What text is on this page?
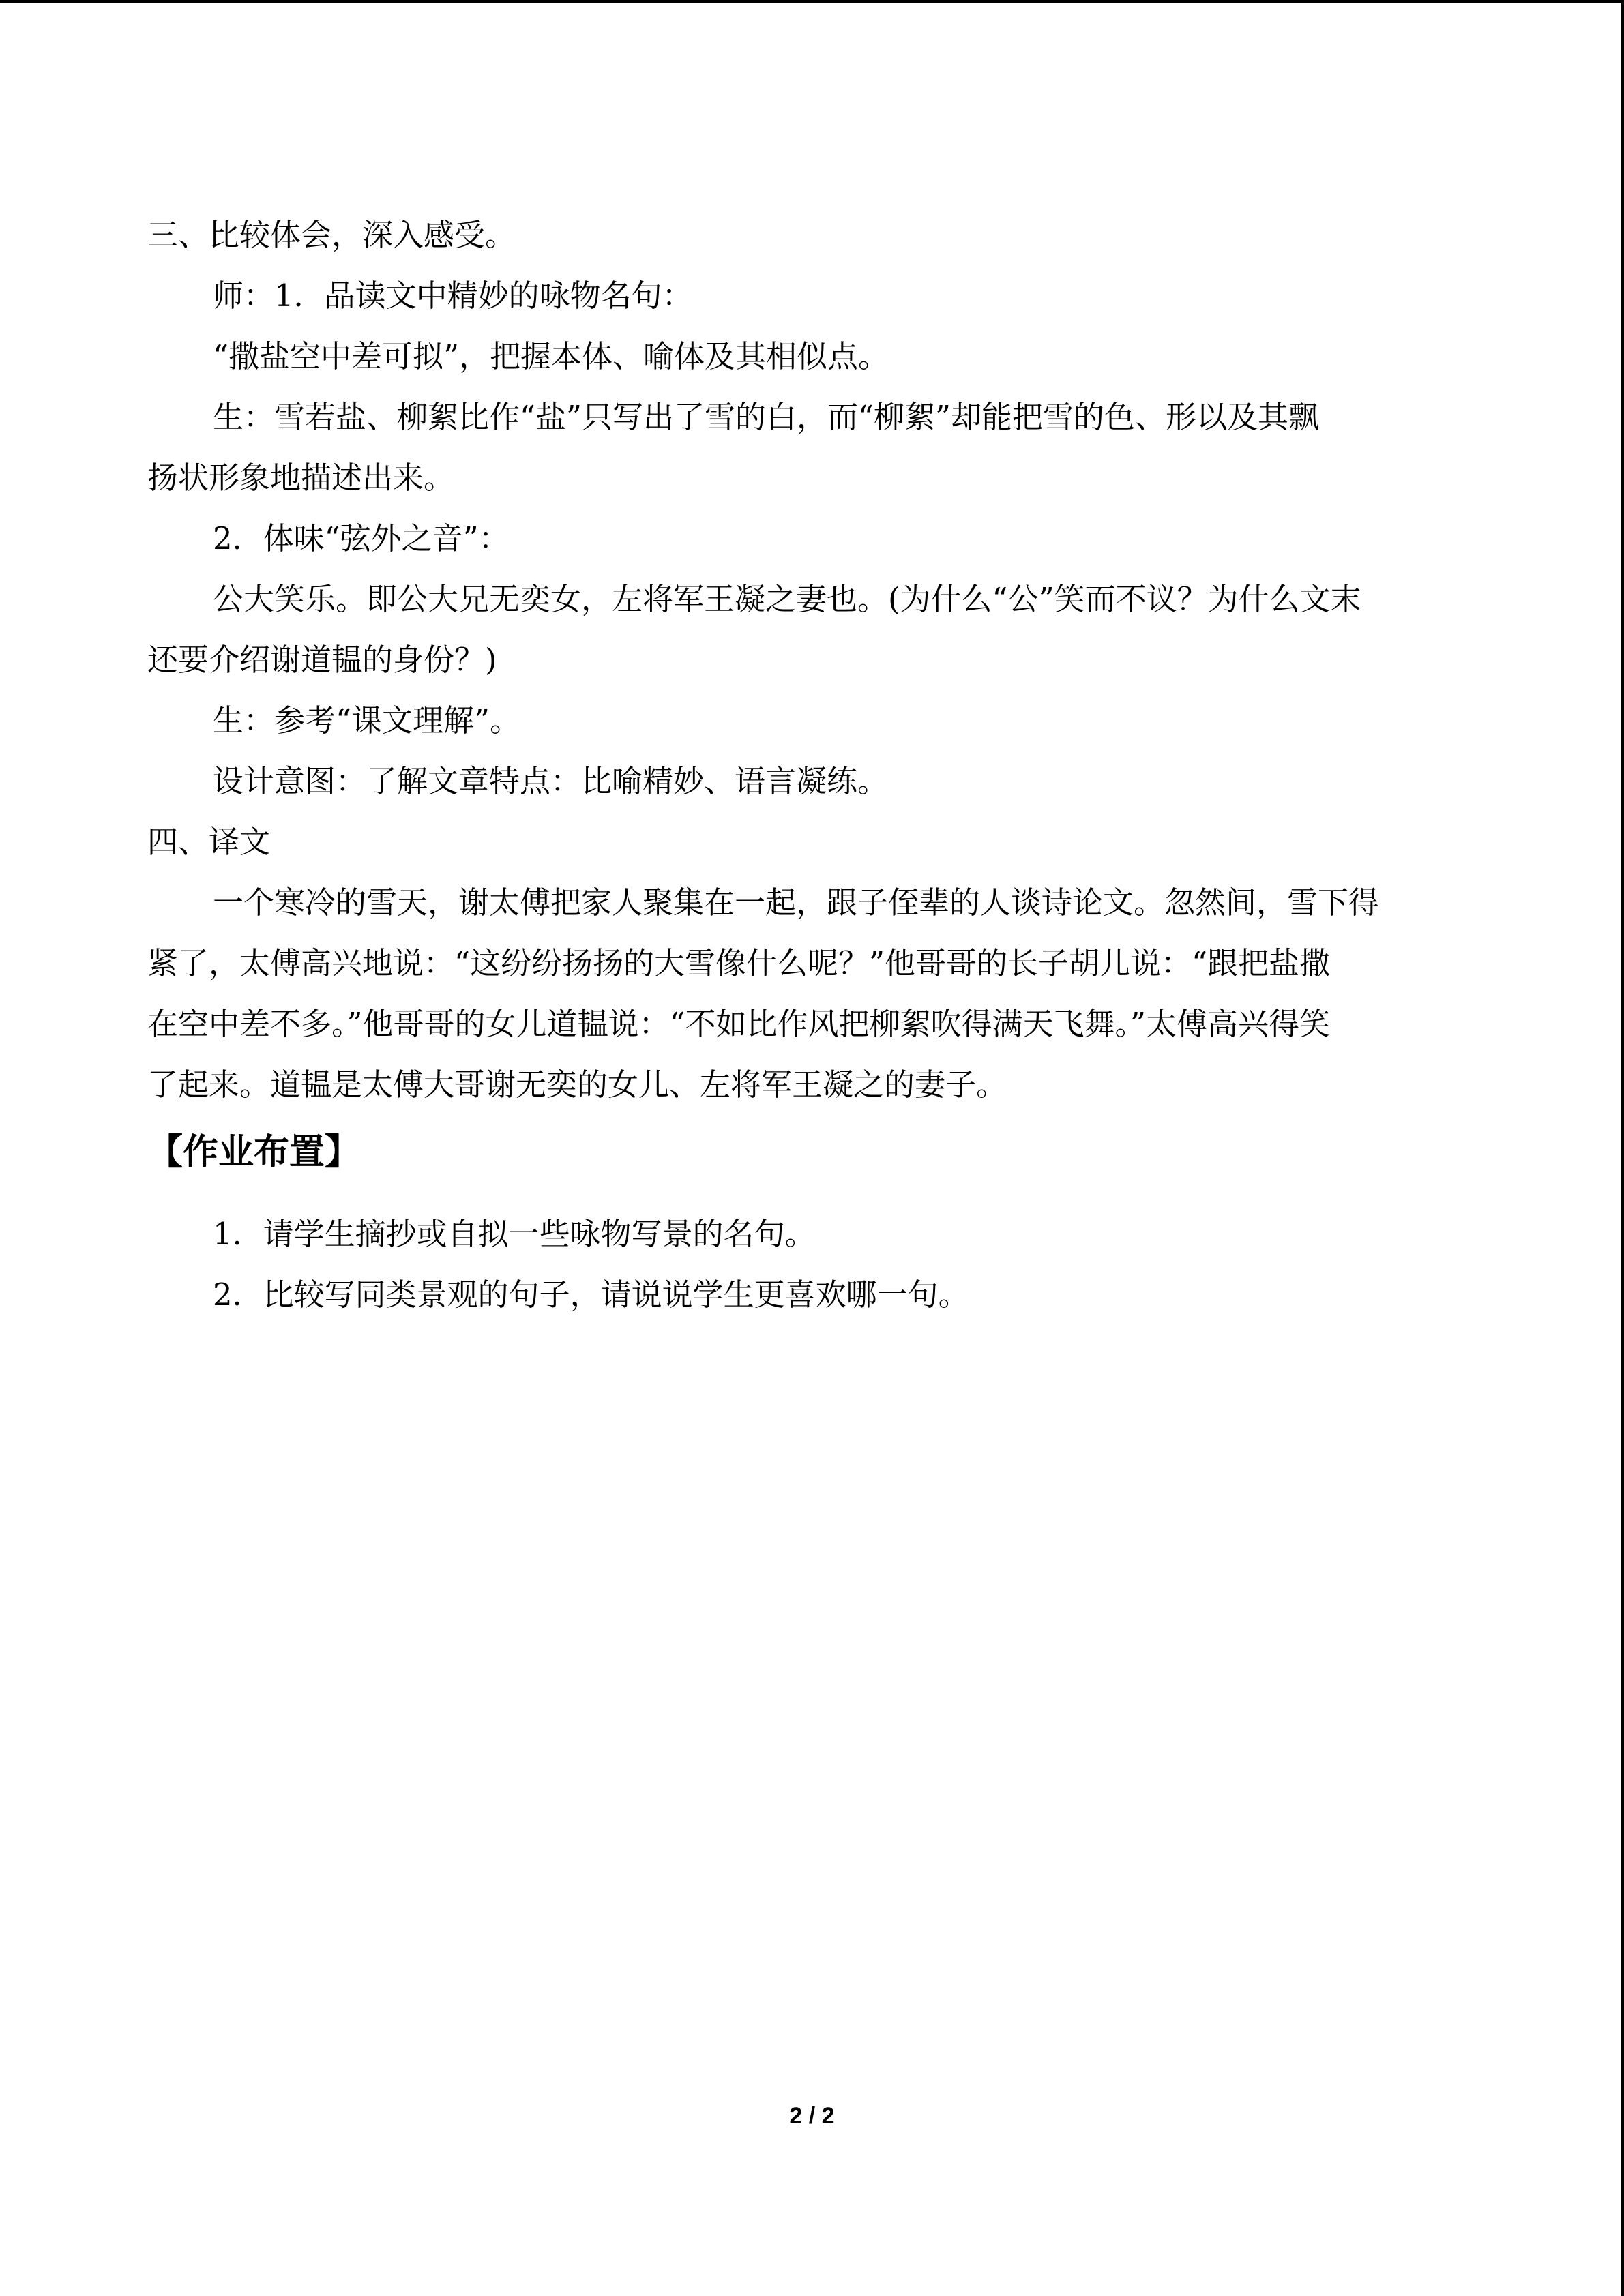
三、比较体会，深入感受。
师：1．品读文中精妙的咏物名句：
“撒盐空中差可拟”，把握本体、喻体及其相似点。
生：雪若盐、柳絮比作“盐”只写出了雪的白，而“柳絮”却能把雪的色、形以及其飘
扬状形象地描述出来。
2．体味“弦外之音”：
公大笑乐。即公大兄无奕女，左将军王凝之妻也。(为什么“公”笑而不议？为什么文末
还要介绍谢道韫的身份？)
生：参考“课文理解”。
设计意图：了解文章特点：比喻精妙、语言凝练。
四、译文
一个寒冷的雪天，谢太傅把家人聚集在一起，跟子侄辈的人谈诗论文。忽然间，雪下得
紧了，太傅高兴地说：“这纷纷扬扬的大雪像什么呢？”他哥哥的长子胡儿说：“跟把盐撒
在空中差不多。”他哥哥的女儿道韫说：“不如比作风把柳絮吹得满天飞舞。”太傅高兴得笑
了起来。道韫是太傅大哥谢无奕的女儿、左将军王凝之的妻子。
【作业布置】
1．请学生摘抄或自拟一些咏物写景的名句。
2．比较写同类景观的句子，请说说学生更喜欢哪一句。
2 / 2
